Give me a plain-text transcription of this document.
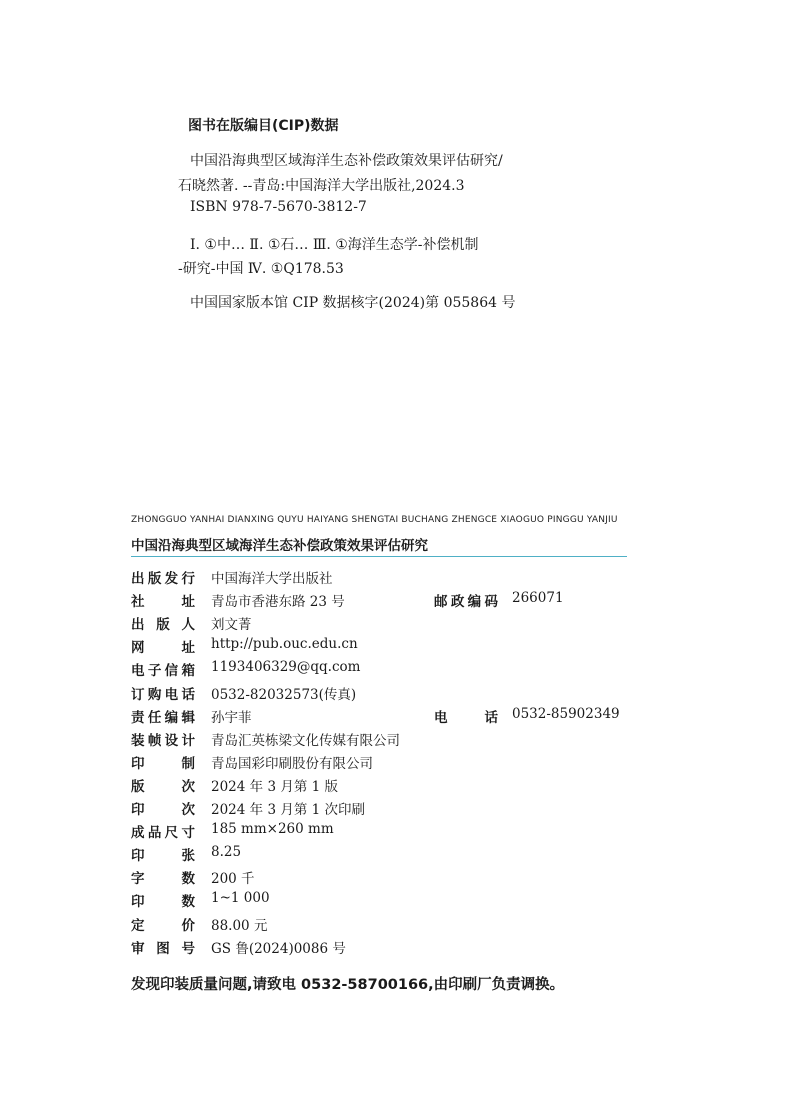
图书在版编目(CIP)数据
中国沿海典型区域海洋生态补偿政策效果评估研究/
石晓然著. --青岛:中国海洋大学出版社,2024.3
ISBN 978-7-5670-3812-7
Ⅰ. ①中… Ⅱ. ①石… Ⅲ. ①海洋生态学-补偿机制
-研究-中国 Ⅳ. ①Q178.53
中国国家版本馆 CIP 数据核字(2024)第 055864 号
ZHONGGUO YANHAI DIANXING QUYU HAIYANG SHENGTAI BUCHANG ZHENGCE XIAOGUO PINGGU YANJIU
中国沿海典型区域海洋生态补偿政策效果评估研究
出 版 发 行 中国海洋大学出版社
社	址 青岛市香港东路 23 号	邮 政 编 码 266071
出 版 人 刘文菁
网	址 http://pub.ouc.edu.cn
电 子 信 箱 1193406329@qq.com
订 购 电 话 0532-82032573(传真)
责 任 编 辑 孙宇菲	电	话 0532-85902349
装 帧 设 计 青岛汇英栋梁文化传媒有限公司
印	制 青岛国彩印刷股份有限公司
版	次 2024 年 3 月第 1 版
印	次 2024 年 3 月第 1 次印刷
成 品 尺 寸 185 mm×260 mm
印	张 8.25
字	数 200 千
印	数 1~1 000
定	价 88.00 元
审 图 号 GS 鲁(2024)0086 号
发现印装质量问题,请致电 0532-58700166,由印刷厂负责调换。
